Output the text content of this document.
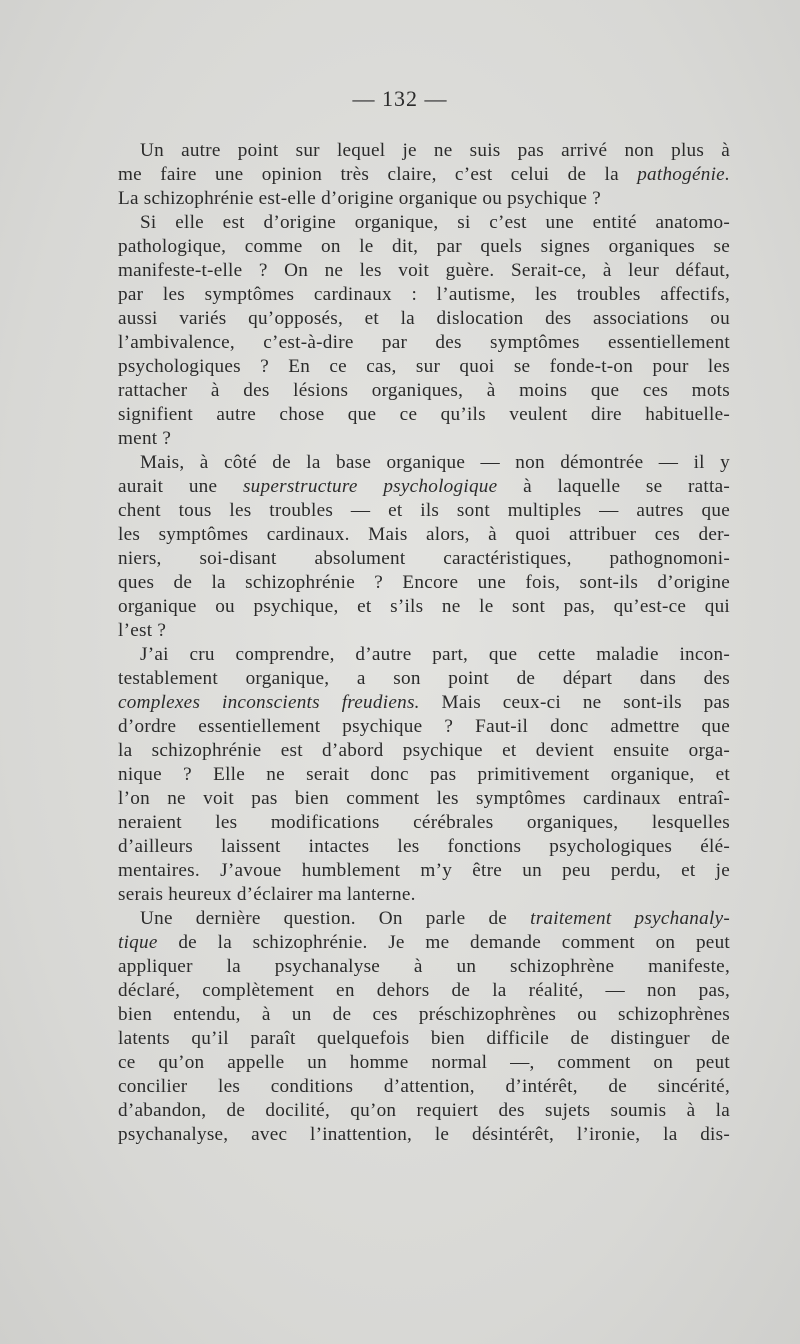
— 132 —
Un autre point sur lequel je ne suis pas arrivé non plus à
me faire une opinion très claire, c’est celui de la pathogénie.
La schizophrénie est-elle d’origine organique ou psychique ?
Si elle est d’origine organique, si c’est une entité anatomo-
pathologique, comme on le dit, par quels signes organiques se
manifeste-t-elle ? On ne les voit guère. Serait-ce, à leur défaut,
par les symptômes cardinaux : l’autisme, les troubles affectifs,
aussi variés qu’opposés, et la dislocation des associations ou
l’ambivalence, c’est-à-dire par des symptômes essentiellement
psychologiques ? En ce cas, sur quoi se fonde-t-on pour les
rattacher à des lésions organiques, à moins que ces mots
signifient autre chose que ce qu’ils veulent dire habituelle-
ment ?
Mais, à côté de la base organique — non démontrée — il y
aurait une superstructure psychologique à laquelle se ratta-
chent tous les troubles — et ils sont multiples — autres que
les symptômes cardinaux. Mais alors, à quoi attribuer ces der-
niers, soi-disant absolument caractéristiques, pathognomoni-
ques de la schizophrénie ? Encore une fois, sont-ils d’origine
organique ou psychique, et s’ils ne le sont pas, qu’est-ce qui
l’est ?
J’ai cru comprendre, d’autre part, que cette maladie incon-
testablement organique, a son point de départ dans des
complexes inconscients freudiens. Mais ceux-ci ne sont-ils pas
d’ordre essentiellement psychique ? Faut-il donc admettre que
la schizophrénie est d’abord psychique et devient ensuite orga-
nique ? Elle ne serait donc pas primitivement organique, et
l’on ne voit pas bien comment les symptômes cardinaux entraî-
neraient les modifications cérébrales organiques, lesquelles
d’ailleurs laissent intactes les fonctions psychologiques élé-
mentaires. J’avoue humblement m’y être un peu perdu, et je
serais heureux d’éclairer ma lanterne.
Une dernière question. On parle de traitement psychanaly-
tique de la schizophrénie. Je me demande comment on peut
appliquer la psychanalyse à un schizophrène manifeste,
déclaré, complètement en dehors de la réalité, — non pas,
bien entendu, à un de ces préschizophrènes ou schizophrènes
latents qu’il paraît quelquefois bien difficile de distinguer de
ce qu’on appelle un homme normal —, comment on peut
concilier les conditions d’attention, d’intérêt, de sincérité,
d’abandon, de docilité, qu’on requiert des sujets soumis à la
psychanalyse, avec l’inattention, le désintérêt, l’ironie, la dis-
